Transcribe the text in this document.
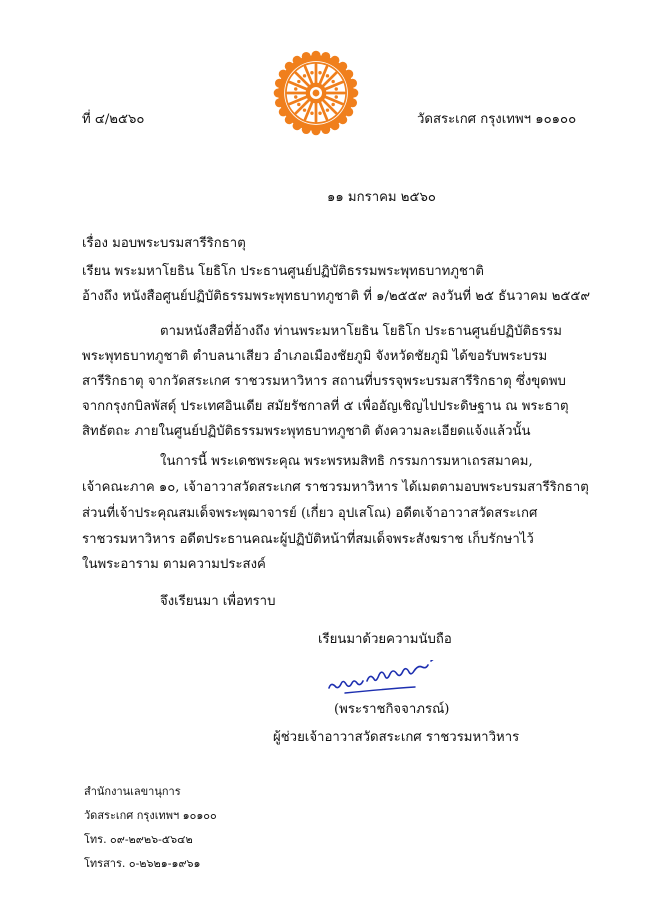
ที่ ๔/๒๕๖๐	วัดสระเกศ กรุงเทพฯ ๑๐๑๐๐
๑๑ มกราคม ๒๕๖๐
เรื่อง มอบพระบรมสารีริกธาตุ
เรียน พระมหาโยธิน โยธิโก ประธานศูนย์ปฏิบัติธรรมพระพุทธบาทภูชาติ
อ้างถึง หนังสือศูนย์ปฏิบัติธรรมพระพุทธบาทภูชาติ ที่ ๑/๒๕๕๙ ลงวันที่ ๒๕ ธันวาคม ๒๕๕๙
ตามหนังสือที่อ้างถึง ท่านพระมหาโยธิน โยธิโก ประธานศูนย์ปฏิบัติธรรม
พระพุทธบาทภูชาติ ตำบลนาเสียว อำเภอเมืองชัยภูมิ จังหวัดชัยภูมิ ได้ขอรับพระบรม
สารีริกธาตุ จากวัดสระเกศ ราชวรมหาวิหาร สถานที่บรรจุพระบรมสารีริกธาตุ ซึ่งขุดพบ
จากกรุงกบิลพัสดุ์ ประเทศอินเดีย สมัยรัชกาลที่ ๕ เพื่ออัญเชิญไปประดิษฐาน ณ พระธาตุ
สิทธัตถะ ภายในศูนย์ปฏิบัติธรรมพระพุทธบาทภูชาติ ดังความละเอียดแจ้งแล้วนั้น
ในการนี้ พระเดชพระคุณ พระพรหมสิทธิ กรรมการมหาเถรสมาคม,
เจ้าคณะภาค ๑๐, เจ้าอาวาสวัดสระเกศ ราชวรมหาวิหาร ได้เมตตามอบพระบรมสารีริกธาตุ
ส่วนที่เจ้าประคุณสมเด็จพระพุฒาจารย์ (เกี่ยว อุปเสโณ) อดีตเจ้าอาวาสวัดสระเกศ
ราชวรมหาวิหาร อดีตประธานคณะผู้ปฏิบัติหน้าที่สมเด็จพระสังฆราช เก็บรักษาไว้
ในพระอาราม ตามความประสงค์
จึงเรียนมา เพื่อทราบ
เรียนมาด้วยความนับถือ
(พระราชกิจจาภรณ์)
ผู้ช่วยเจ้าอาวาสวัดสระเกศ ราชวรมหาวิหาร
สำนักงานเลขานุการ
วัดสระเกศ กรุงเทพฯ ๑๐๑๐๐
โทร. ๐๙-๒๙๒๖-๕๖๔๒
โทรสาร. ๐-๒๖๒๑-๑๙๖๑
